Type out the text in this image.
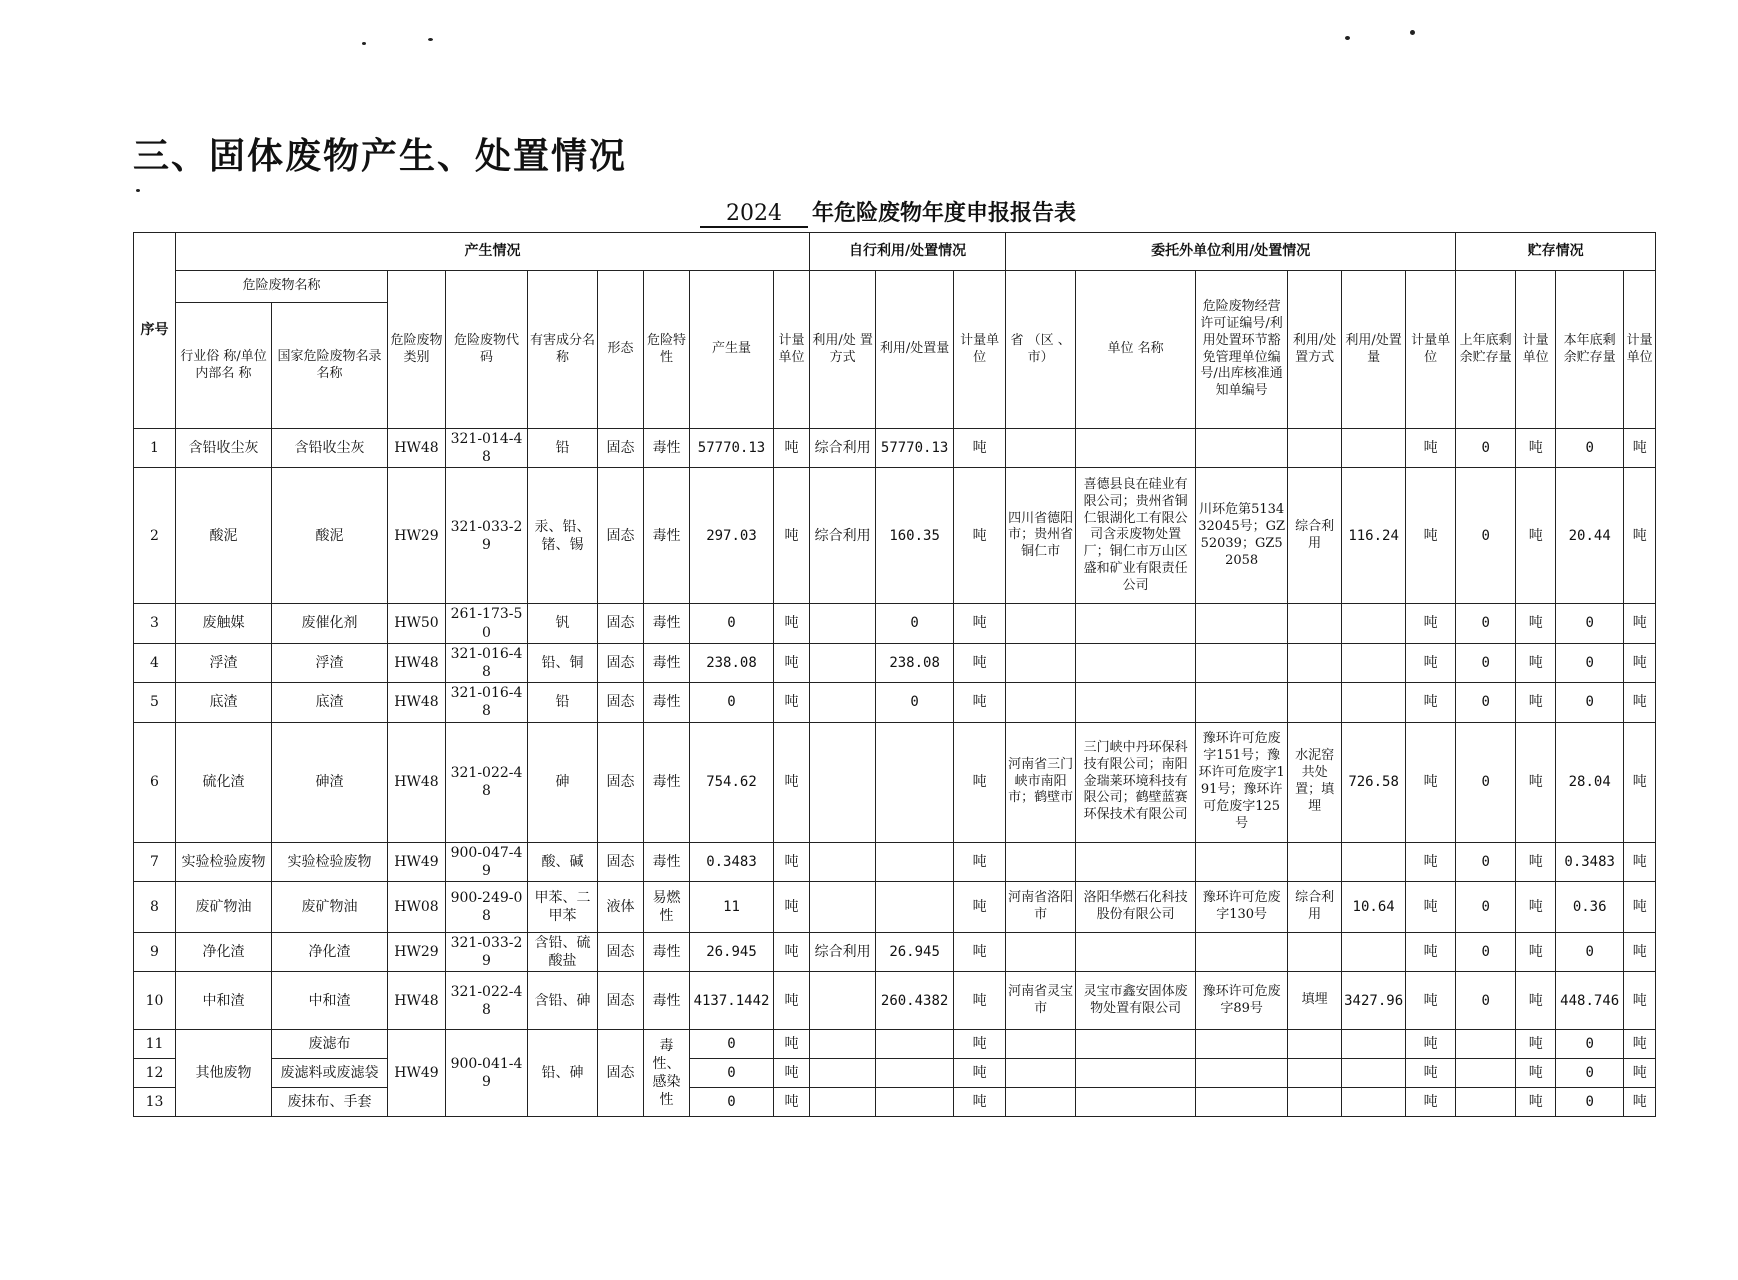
三、固体废物产生、处置情况
2024 年危险废物年度申报报告表
序号	产生情况									自行利用/处置情况			委托外单位利用/处置情况						贮存情况			
	危险废物名称		危险废物类别	危险废物代码	有害成分名称	形态	危险特性	产生量	计量单位	利用/处 置 方式	利用/处置量	计量单位	省 （区 、市）	单位 名称	危险废物经营许可证编号/利用处置环节豁免管理单位编号/出库核准通知单编号	利用/处置方式	利用/处置量	计量单位	上年底剩余贮存量	计量单位	本年底剩余贮存量	计量单位
	行业俗 称/单位 内部名 称	国家危险废物名录名称																				
1	含铅收尘灰	含铅收尘灰	HW48	321-014-48	铅	固态	毒性	57770.13	吨	综合利用	57770.13	吨						吨	0	吨	0	吨
2	酸泥	酸泥	HW29	321-033-29	汞、铅、锗、锡	固态	毒性	297.03	吨	综合利用	160.35	吨	四川省德阳市；贵州省铜仁市	喜德县良在硅业有限公司；贵州省铜仁银湖化工有限公司含汞废物处置厂；铜仁市万山区盛和矿业有限责任公司	川环危第513432045号；GZ52039；GZ52058	综合利用	116.24	吨	0	吨	20.44	吨
3	废触媒	废催化剂	HW50	261-173-50	钒	固态	毒性	0	吨		0	吨						吨	0	吨	0	吨
4	浮渣	浮渣	HW48	321-016-48	铅、铜	固态	毒性	238.08	吨		238.08	吨						吨	0	吨	0	吨
5	底渣	底渣	HW48	321-016-48	铅	固态	毒性	0	吨		0	吨						吨	0	吨	0	吨
6	硫化渣	砷渣	HW48	321-022-48	砷	固态	毒性	754.62	吨			吨	河南省三门峡市南阳市；鹤壁市	三门峡中丹环保科技有限公司；南阳金瑞莱环境科技有限公司；鹤壁蓝赛环保技术有限公司	豫环许可危废字151号；豫环许可危废字191号；豫环许可危废字125号	水泥窑共处置；填埋	726.58	吨	0	吨	28.04	吨
7	实验检验废物	实验检验废物	HW49	900-047-49	酸、碱	固态	毒性	0.3483	吨			吨						吨	0	吨	0.3483	吨
8	废矿物油	废矿物油	HW08	900-249-08	甲苯、二甲苯	液体	易燃性	11	吨			吨	河南省洛阳市	洛阳华燃石化科技股份有限公司	豫环许可危废字130号	综合利用	10.64	吨	0	吨	0.36	吨
9	净化渣	净化渣	HW29	321-033-29	含铅、硫酸盐	固态	毒性	26.945	吨	综合利用	26.945	吨						吨	0	吨	0	吨
10	中和渣	中和渣	HW48	321-022-48	含铅、砷	固态	毒性	4137.1442	吨		260.4382	吨	河南省灵宝市	灵宝市鑫安固体废物处置有限公司	豫环许可危废字89号	填埋	3427.96	吨	0	吨	448.746	吨
11	其他废物	废滤布	HW49	900-041-49	铅、砷	固态	毒性、感染性	0	吨			吨						吨		吨	0	吨
12		废滤料或废滤袋						0	吨			吨						吨		吨	0	吨
13		废抹布、手套						0	吨			吨						吨		吨	0	吨
